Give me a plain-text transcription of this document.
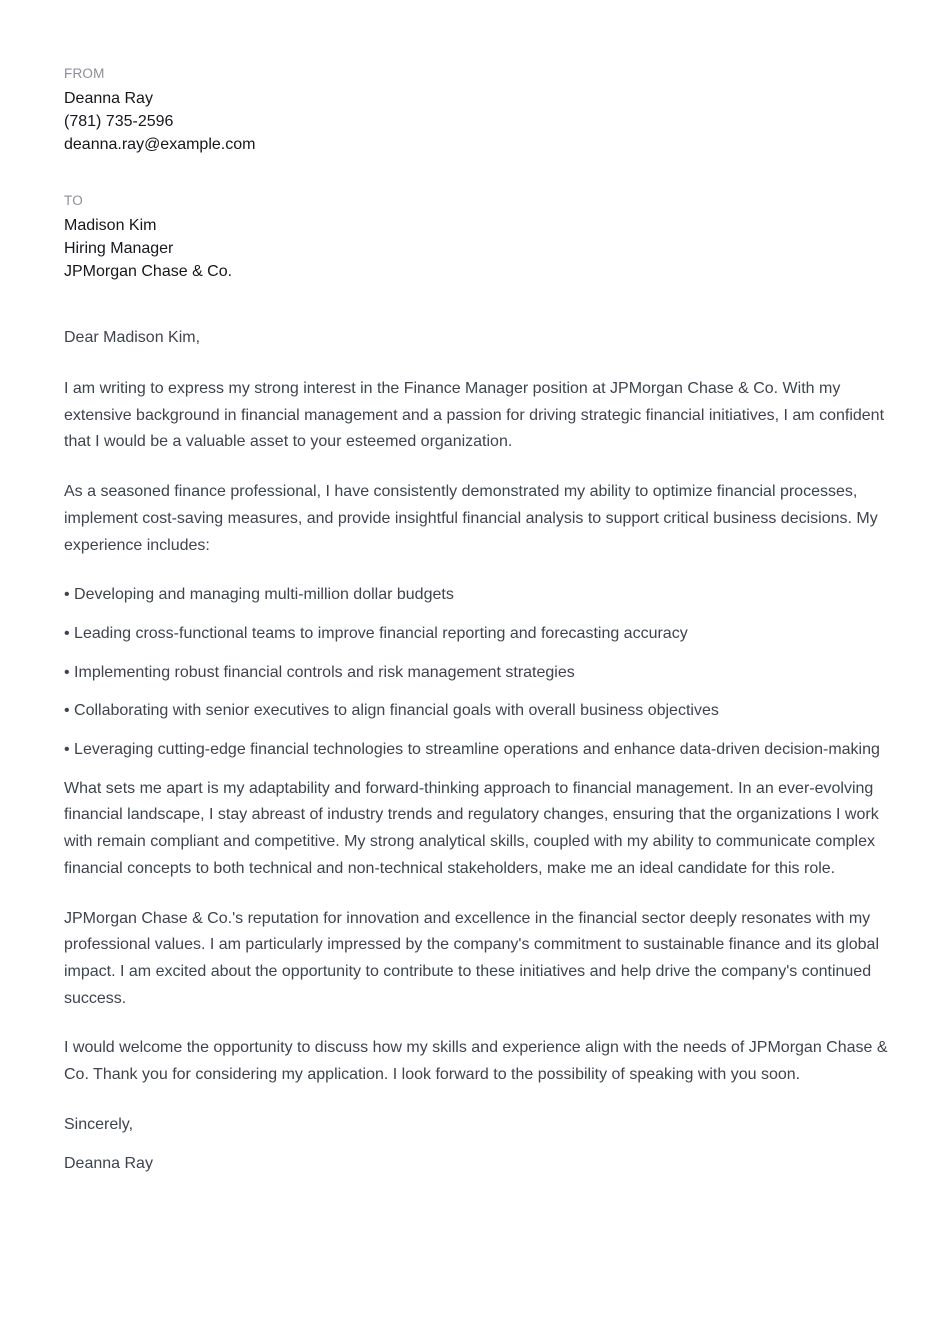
FROM

Deanna Ray

(781) 735-2596

deanna.ray@example.com

TO

Madison Kim

Hiring Manager

JPMorgan Chase & Co.

Dear Madison Kim,

I am writing to express my strong interest in the Finance Manager position at JPMorgan Chase & Co. With my extensive background in financial management and a passion for driving strategic financial initiatives, I am confident that I would be a valuable asset to your esteemed organization.

As a seasoned finance professional, I have consistently demonstrated my ability to optimize financial processes, implement cost-saving measures, and provide insightful financial analysis to support critical business decisions. My experience includes:

• Developing and managing multi-million dollar budgets

• Leading cross-functional teams to improve financial reporting and forecasting accuracy

• Implementing robust financial controls and risk management strategies

• Collaborating with senior executives to align financial goals with overall business objectives

• Leveraging cutting-edge financial technologies to streamline operations and enhance data-driven decision-making

What sets me apart is my adaptability and forward-thinking approach to financial management. In an ever-evolving financial landscape, I stay abreast of industry trends and regulatory changes, ensuring that the organizations I work with remain compliant and competitive. My strong analytical skills, coupled with my ability to communicate complex financial concepts to both technical and non-technical stakeholders, make me an ideal candidate for this role.

JPMorgan Chase & Co.'s reputation for innovation and excellence in the financial sector deeply resonates with my professional values. I am particularly impressed by the company's commitment to sustainable finance and its global impact. I am excited about the opportunity to contribute to these initiatives and help drive the company's continued success.

I would welcome the opportunity to discuss how my skills and experience align with the needs of JPMorgan Chase & Co. Thank you for considering my application. I look forward to the possibility of speaking with you soon.

Sincerely,

Deanna Ray
